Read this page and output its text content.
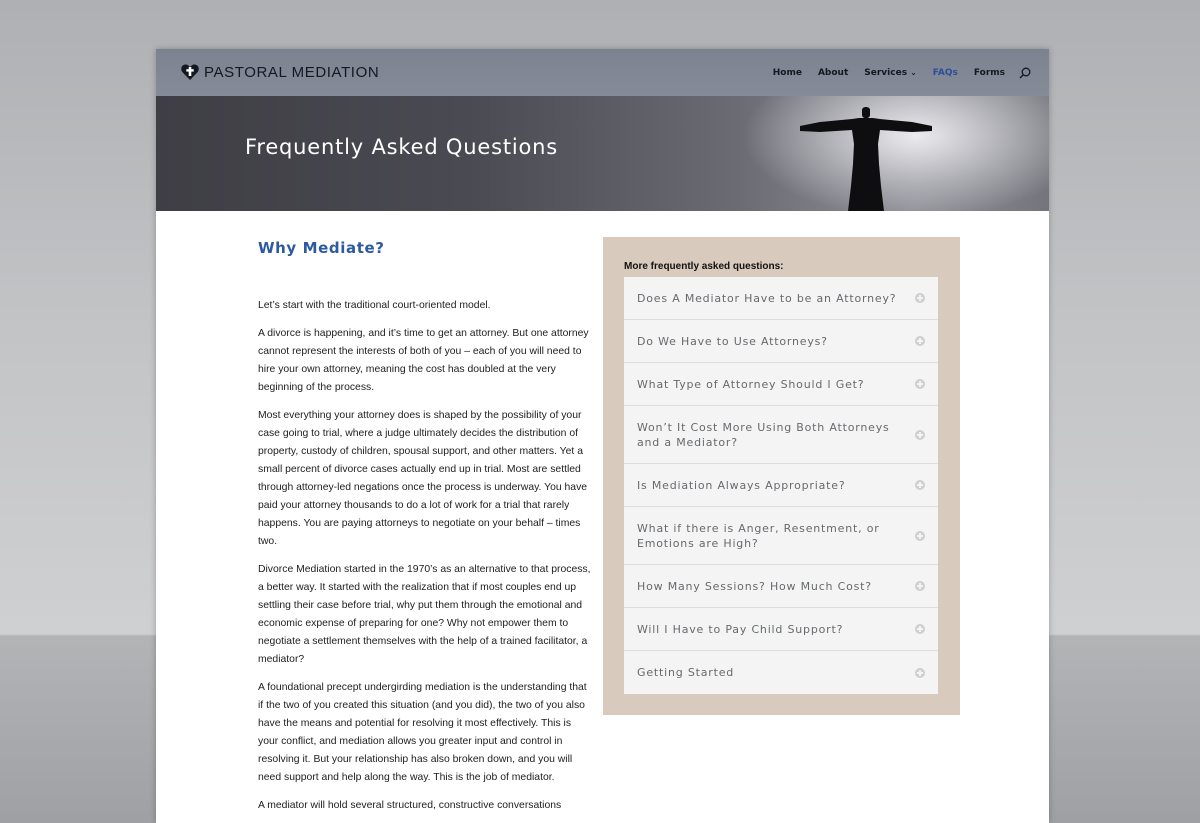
PASTORAL MEDIATION	Home About Services ⌄ FAQs Forms
Frequently Asked Questions
Why Mediate?

Let’s start with the traditional court-oriented model.

A divorce is happening, and it’s time to get an attorney. But one attorney cannot represent the interests of both of you – each of you will need to hire your own attorney, meaning the cost has doubled at the very beginning of the process.

Most everything your attorney does is shaped by the possibility of your case going to trial, where a judge ultimately decides the distribution of property, custody of children, spousal support, and other matters. Yet a small percent of divorce cases actually end up in trial. Most are settled through attorney-led negations once the process is underway. You have paid your attorney thousands to do a lot of work for a trial that rarely happens. You are paying attorneys to negotiate on your behalf – times two.

Divorce Mediation started in the 1970’s as an alternative to that process, a better way. It started with the realization that if most couples end up settling their case before trial, why put them through the emotional and economic expense of preparing for one? Why not empower them to negotiate a settlement themselves with the help of a trained facilitator, a mediator?

A foundational precept undergirding mediation is the understanding that if the two of you created this situation (and you did), the two of you also have the means and potential for resolving it most effectively. This is your conflict, and mediation allows you greater input and control in resolving it. But your relationship has also broken down, and you will need support and help along the way. This is the job of mediator.

A mediator will hold several structured, constructive conversations

More frequently asked questions:
Does A Mediator Have to be an Attorney?
Do We Have to Use Attorneys?
What Type of Attorney Should I Get?
Won’t It Cost More Using Both Attorneys and a Mediator?
Is Mediation Always Appropriate?
What if there is Anger, Resentment, or Emotions are High?
How Many Sessions? How Much Cost?
Will I Have to Pay Child Support?
Getting Started
